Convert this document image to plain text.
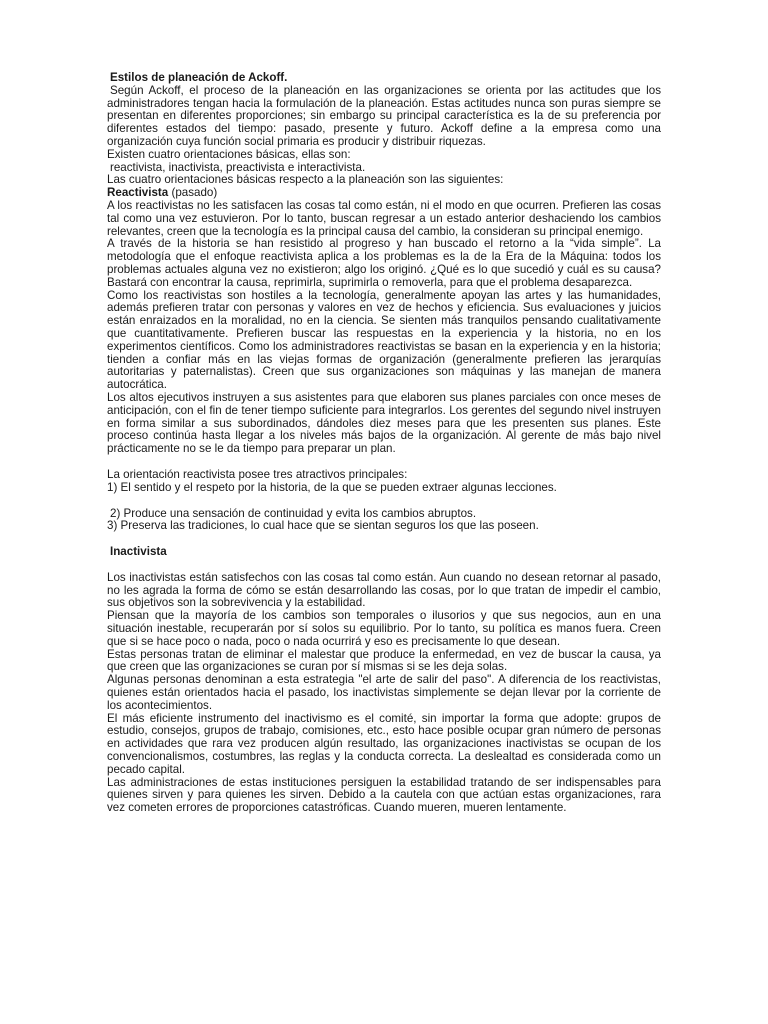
Estilos de planeación de Ackoff.

Según Ackoff, el proceso de la planeación en las organizaciones se orienta por las actitudes que los administradores tengan hacia la formulación de la planeación. Estas actitudes nunca son puras siempre se presentan en diferentes proporciones; sin embargo su principal característica es la de su preferencia por diferentes estados del tiempo: pasado, presente y futuro. Ackoff define a la empresa como una organización cuya función social primaria es producir y distribuir riquezas.

Existen cuatro orientaciones básicas, ellas son:

reactivista, inactivista, preactivista e interactivista.

Las cuatro orientaciones básicas respecto a la planeación son las siguientes:

Reactivista (pasado)

A los reactivistas no les satisfacen las cosas tal como están, ni el modo en que ocurren. Prefieren las cosas tal como una vez estuvieron. Por lo tanto, buscan regresar a un estado anterior deshaciendo los cambios relevantes, creen que la tecnología es la principal causa del cambio, la consideran su principal enemigo.

A través de la historia se han resistido al progreso y han buscado el retorno a la “vida simple”. La metodología que el enfoque reactivista aplica a los problemas es la de la Era de la Máquina: todos los problemas actuales alguna vez no existieron; algo los originó. ¿Qué es lo que sucedió y cuál es su causa? Bastará con encontrar la causa, reprimirla, suprimirla o removerla, para que el problema desaparezca.

Como los reactivistas son hostiles a la tecnología, generalmente apoyan las artes y las humanidades, además prefieren tratar con personas y valores en vez de hechos y eficiencia. Sus evaluaciones y juicios están enraizados en la moralidad, no en la ciencia. Se sienten más tranquilos pensando cualitativamente que cuantitativamente. Prefieren buscar las respuestas en la experiencia y la historia, no en los experimentos científicos. Como los administradores reactivistas se basan en la experiencia y en la historia; tienden a confiar más en las viejas formas de organización (generalmente prefieren las jerarquías autoritarias y paternalistas). Creen que sus organizaciones son máquinas y las manejan de manera autocrática.

Los altos ejecutivos instruyen a sus asistentes para que elaboren sus planes parciales con once meses de anticipación, con el fin de tener tiempo suficiente para integrarlos. Los gerentes del segundo nivel instruyen en forma similar a sus subordinados, dándoles diez meses para que les presenten sus planes. Este proceso continúa hasta llegar a los niveles más bajos de la organización. Al gerente de más bajo nivel prácticamente no se le da tiempo para preparar un plan.

La orientación reactivista posee tres atractivos principales:

1) El sentido y el respeto por la historia, de la que se pueden extraer algunas lecciones.

2) Produce una sensación de continuidad y evita los cambios abruptos.

3) Preserva las tradiciones, lo cual hace que se sientan seguros los que las poseen.

Inactivista

Los inactivistas están satisfechos con las cosas tal como están. Aun cuando no desean retornar al pasado, no les agrada la forma de cómo se están desarrollando las cosas, por lo que tratan de impedir el cambio, sus objetivos son la sobrevivencia y la estabilidad.

Piensan que la mayoría de los cambios son temporales o ilusorios y que sus negocios, aun en una situación inestable, recuperarán por sí solos su equilibrio. Por lo tanto, su política es manos fuera. Creen que si se hace poco o nada, poco o nada ocurrirá y eso es precisamente lo que desean.

Estas personas tratan de eliminar el malestar que produce la enfermedad, en vez de buscar la causa, ya que creen que las organizaciones se curan por sí mismas si se les deja solas.

Algunas personas denominan a esta estrategia "el arte de salir del paso". A diferencia de los reactivistas, quienes están orientados hacia el pasado, los inactivistas simplemente se dejan llevar por la corriente de los acontecimientos.

El más eficiente instrumento del inactivismo es el comité, sin importar la forma que adopte: grupos de estudio, consejos, grupos de trabajo, comisiones, etc., esto hace posible ocupar gran número de personas en actividades que rara vez producen algún resultado, las organizaciones inactivistas se ocupan de los convencionalismos, costumbres, las reglas y la conducta correcta. La deslealtad es considerada como un pecado capital.

Las administraciones de estas instituciones persiguen la estabilidad tratando de ser indispensables para quienes sirven y para quienes les sirven. Debido a la cautela con que actúan estas organizaciones, rara vez cometen errores de proporciones catastróficas. Cuando mueren, mueren lentamente.
